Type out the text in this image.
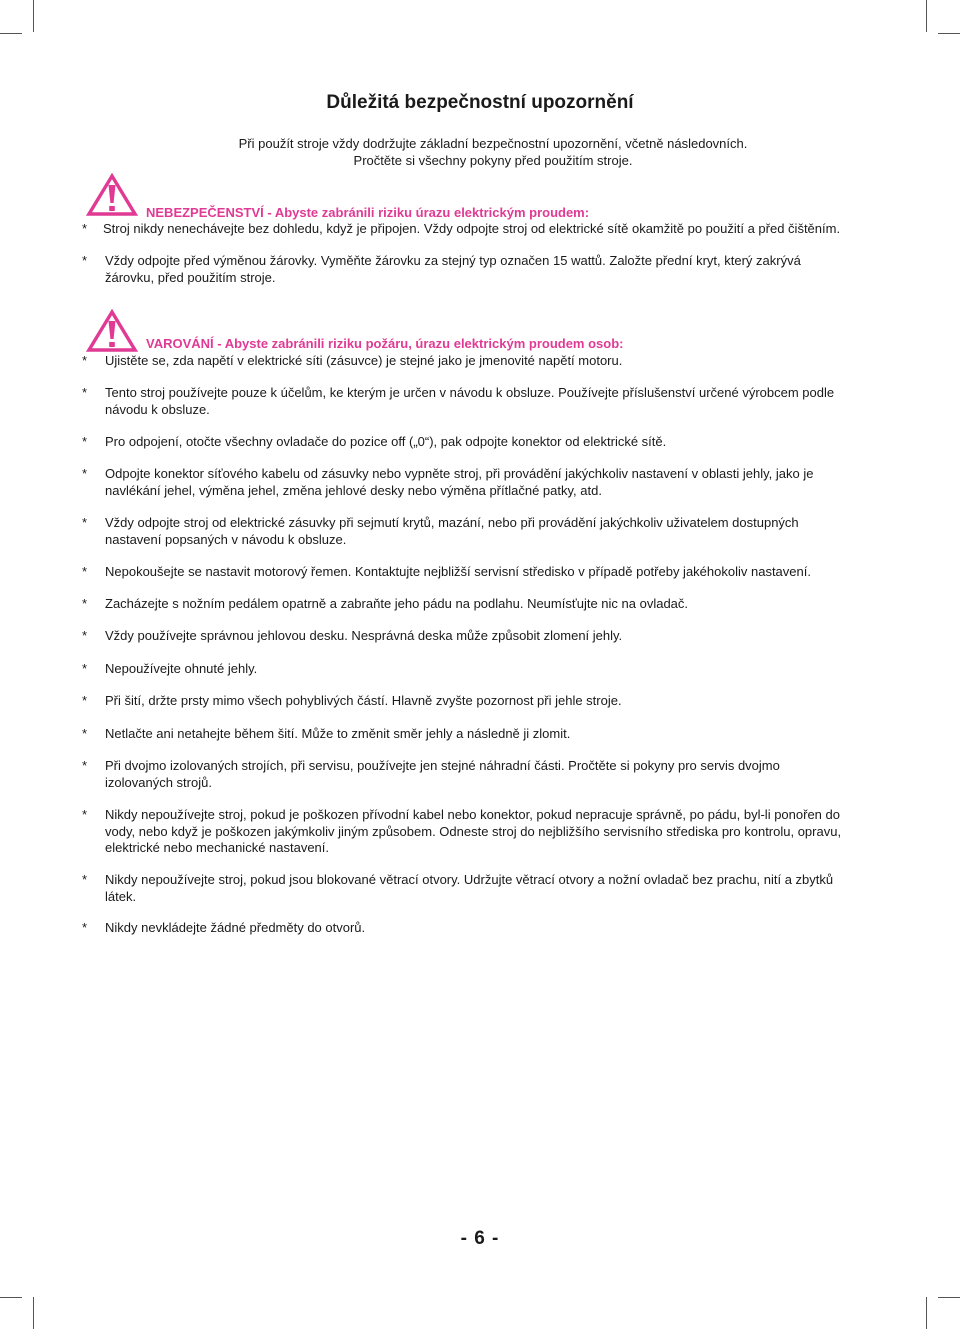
Důležitá bezpečnostní upozornění
Při použít stroje vždy dodržujte základní bezpečnostní upozornění, včetně následovních.
Pročtěte si všechny pokyny před použitím stroje.
NEBEZPEČENSTVÍ - Abyste zabránili riziku úrazu elektrickým proudem:
* Stroj nikdy nenechávejte bez dohledu, když je připojen. Vždy odpojte stroj od elektrické sítě okamžitě po použití a před čištěním.
* Vždy odpojte před výměnou žárovky. Vyměňte žárovku za stejný typ označen 15 wattů. Založte přední kryt, který zakrývá
žárovku, před použitím stroje.
VAROVÁNÍ - Abyste zabránili riziku požáru, úrazu elektrickým proudem osob:
* Ujistěte se, zda napětí v elektrické síti (zásuvce) je stejné jako je jmenovité napětí motoru.
* Tento stroj používejte pouze k účelům, ke kterým je určen v návodu k obsluze. Používejte příslušenství určené výrobcem podle
návodu k obsluze.
* Pro odpojení, otočte všechny ovladače do pozice off („0“), pak odpojte konektor od elektrické sítě.
* Odpojte konektor síťového kabelu od zásuvky nebo vypněte stroj, při provádění jakýchkoliv nastavení v oblasti jehly, jako je
navlékání jehel, výměna jehel, změna jehlové desky nebo výměna přítlačné patky, atd.
* Vždy odpojte stroj od elektrické zásuvky při sejmutí krytů, mazání, nebo při provádění jakýchkoliv uživatelem dostupných
nastavení popsaných v návodu k obsluze.
* Nepokoušejte se nastavit motorový řemen. Kontaktujte nejbližší servisní středisko v případě potřeby jakéhokoliv nastavení.
* Zacházejte s nožním pedálem opatrně a zabraňte jeho pádu na podlahu. Neumísťujte nic na ovladač.
* Vždy používejte správnou jehlovou desku. Nesprávná deska může způsobit zlomení jehly.
* Nepoužívejte ohnuté jehly.
* Při šití, držte prsty mimo všech pohyblivých částí. Hlavně zvyšte pozornost při jehle stroje.
* Netlačte ani netahejte během šití. Může to změnit směr jehly a následně ji zlomit.
* Při dvojmo izolovaných strojích, při servisu, používejte jen stejné náhradní části. Pročtěte si pokyny pro servis dvojmo
izolovaných strojů.
* Nikdy nepoužívejte stroj, pokud je poškozen přívodní kabel nebo konektor, pokud nepracuje správně, po pádu, byl-li ponořen do
vody, nebo když je poškozen jakýmkoliv jiným způsobem. Odneste stroj do nejbližšího servisního střediska pro kontrolu, opravu,
elektrické nebo mechanické nastavení.
* Nikdy nepoužívejte stroj, pokud jsou blokované větrací otvory. Udržujte větrací otvory a nožní ovladač bez prachu, nití a zbytků
látek.
* Nikdy nevkládejte žádné předměty do otvorů.
- 6 -
